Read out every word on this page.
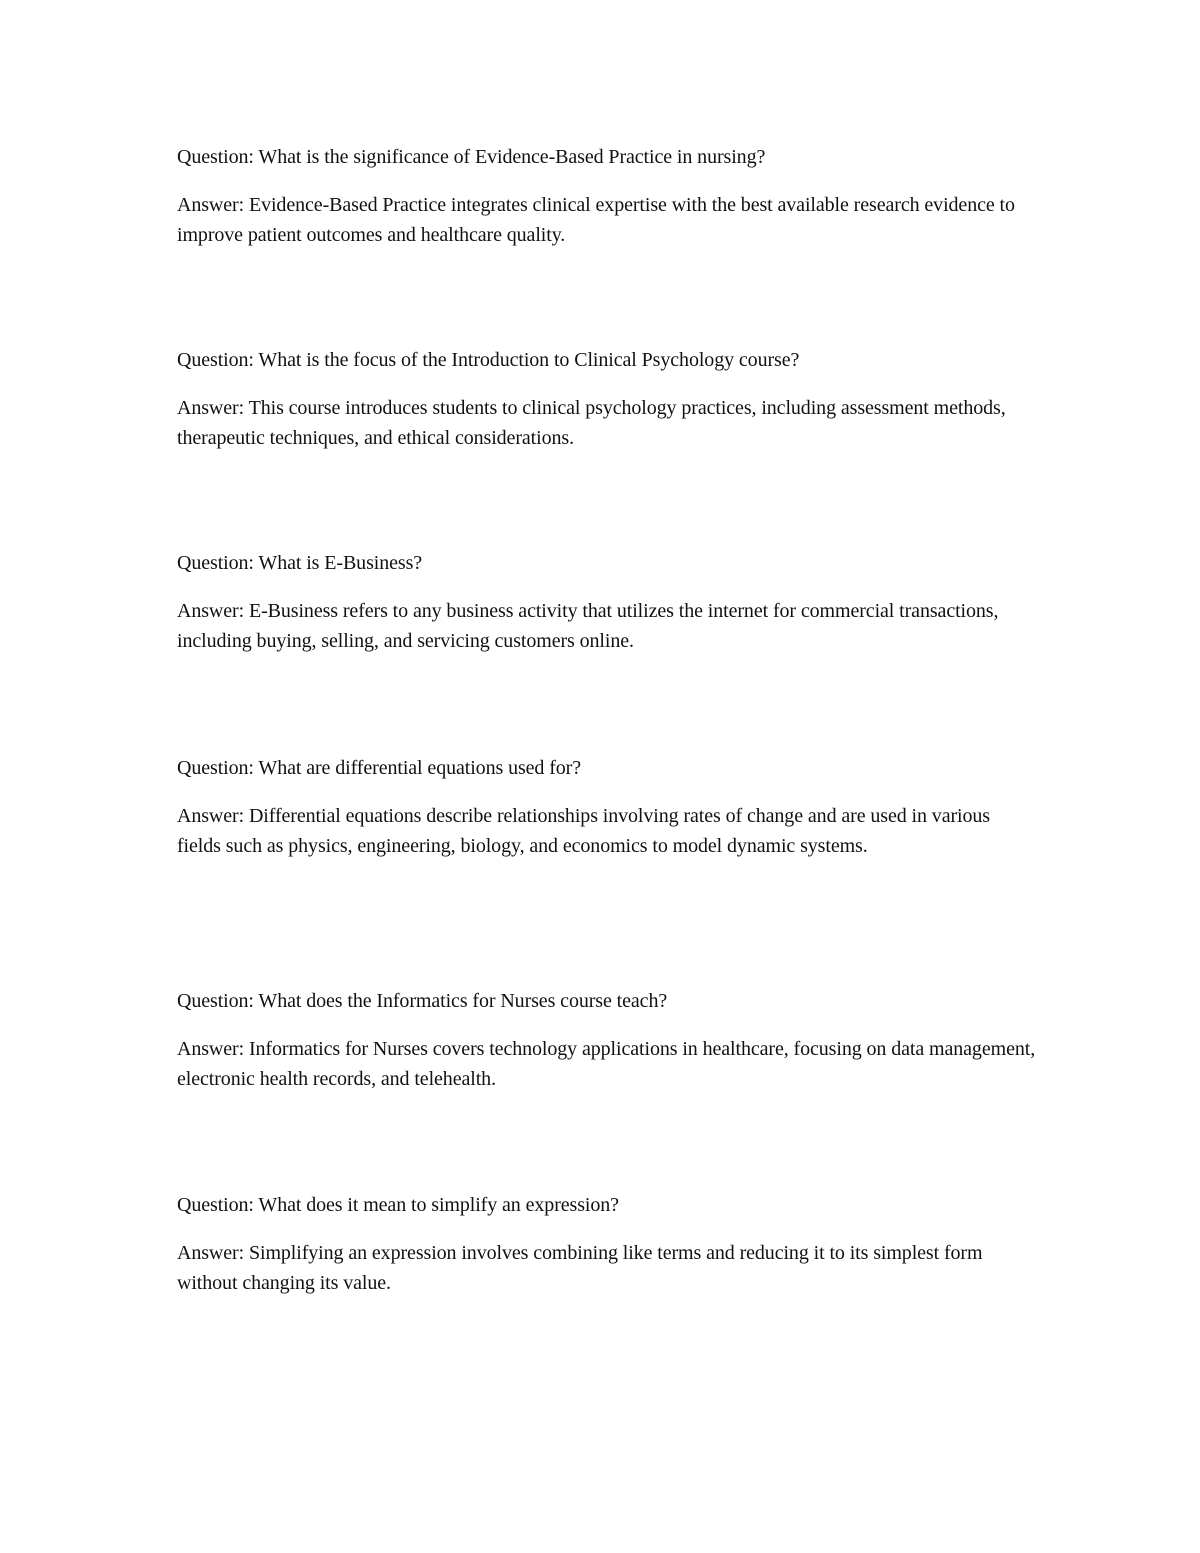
Question: What is the significance of Evidence-Based Practice in nursing?

Answer: Evidence-Based Practice integrates clinical expertise with the best available research evidence to improve patient outcomes and healthcare quality.

Question: What is the focus of the Introduction to Clinical Psychology course?

Answer: This course introduces students to clinical psychology practices, including assessment methods, therapeutic techniques, and ethical considerations.

Question: What is E-Business?

Answer: E-Business refers to any business activity that utilizes the internet for commercial transactions, including buying, selling, and servicing customers online.

Question: What are differential equations used for?

Answer: Differential equations describe relationships involving rates of change and are used in various fields such as physics, engineering, biology, and economics to model dynamic systems.

Question: What does the Informatics for Nurses course teach?

Answer: Informatics for Nurses covers technology applications in healthcare, focusing on data management, electronic health records, and telehealth.

Question: What does it mean to simplify an expression?

Answer: Simplifying an expression involves combining like terms and reducing it to its simplest form without changing its value.
